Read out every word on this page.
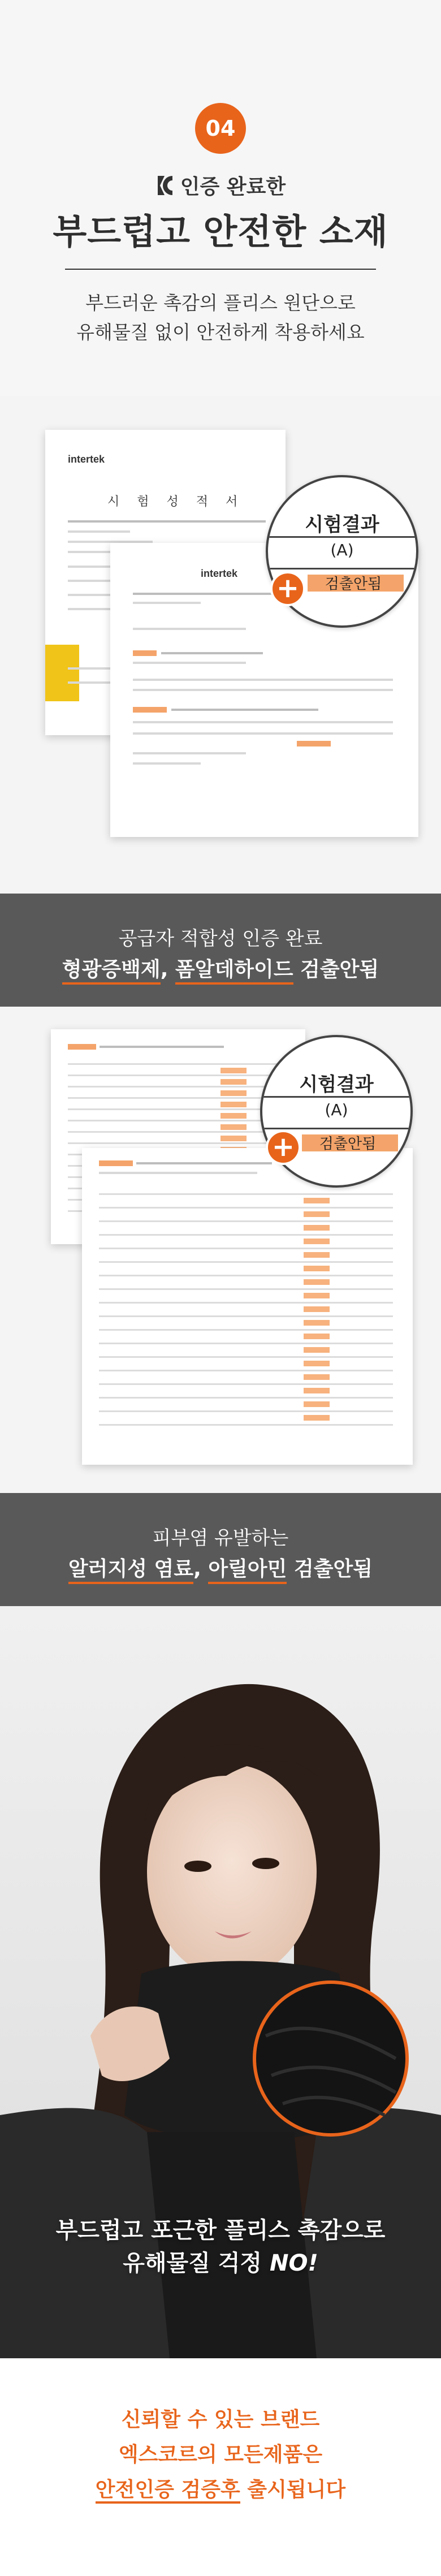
04
인증 완료한
부드럽고 안전한 소재
부드러운 촉감의 플리스 원단으로
유해물질 없이 안전하게 착용하세요
intertek
시 험 성 적 서
intertek
시험결과
(A)
검출안됨
+
공급자 적합성 인증 완료
형광증백제, 폼알데하이드 검출안됨
시험결과
(A)
검출안됨
+
피부염 유발하는
알러지성 염료, 아릴아민 검출안됨
부드럽고 포근한 플리스 촉감으로
유해물질 걱정 NO!
신뢰할 수 있는 브랜드
엑스코르의 모든제품은
안전인증 검증후 출시됩니다
